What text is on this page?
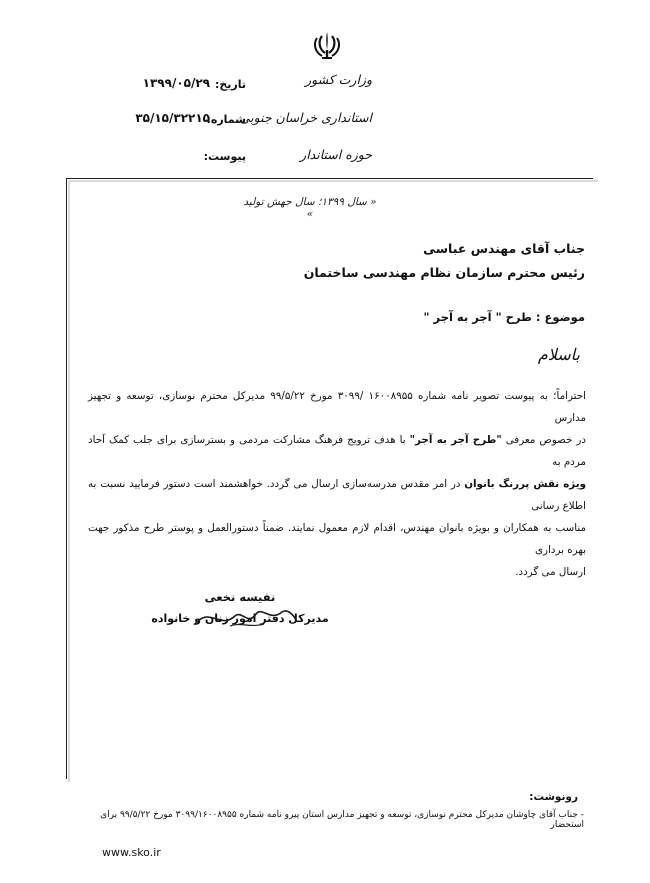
وزارت کشور
استانداری خراسان جنوبی
حوزه استاندار
تاریخ:
۱۳۹۹/۰۵/۲۹
شماره:
۳۵/۱۵/۳۲۲۱۵
پیوست:
« سال ۱۳۹۹؛ سال جهش تولید »
جناب آقای مهندس عباسی
رئیس محترم سازمان نظام مهندسی ساختمان
موضوع : طرح " آجر به آجر "
باسلام
احتراماً؛ به پیوست تصویر نامه شماره ۱۶۰۰۸۹۵۵ /۳۰۹۹ مورخ ۹۹/۵/۲۲ مدیرکل محترم نوسازی، توسعه و تجهیز مدارس
در خصوص معرفی "طرح آجر به آجر" با هدف ترویج فرهنگ مشارکت مردمی و بسترسازی برای جلب کمک آحاد مردم به
ویژه نقش پررنگ بانوان در امر مقدس مدرسه‌سازی ارسال می گردد. خواهشمند است دستور فرمایید نسبت به اطلاع رسانی
مناسب به همکاران و بویژه بانوان مهندس، اقدام لازم معمول نمایند. ضمناً دستورالعمل و پوستر طرح مذکور جهت بهره برداری
ارسال می گردد.
نفیسه نخعی
مدیرکل دفتر امور زنان و خانواده
رونوشت:
- جناب آقای چاوشان مدیرکل محترم نوسازی، توسعه و تجهیز مدارس استان پیرو نامه شماره ۳۰۹۹/۱۶۰۰۸۹۵۵ مورخ ۹۹/۵/۲۲ برای استحضار
www.sko.ir
